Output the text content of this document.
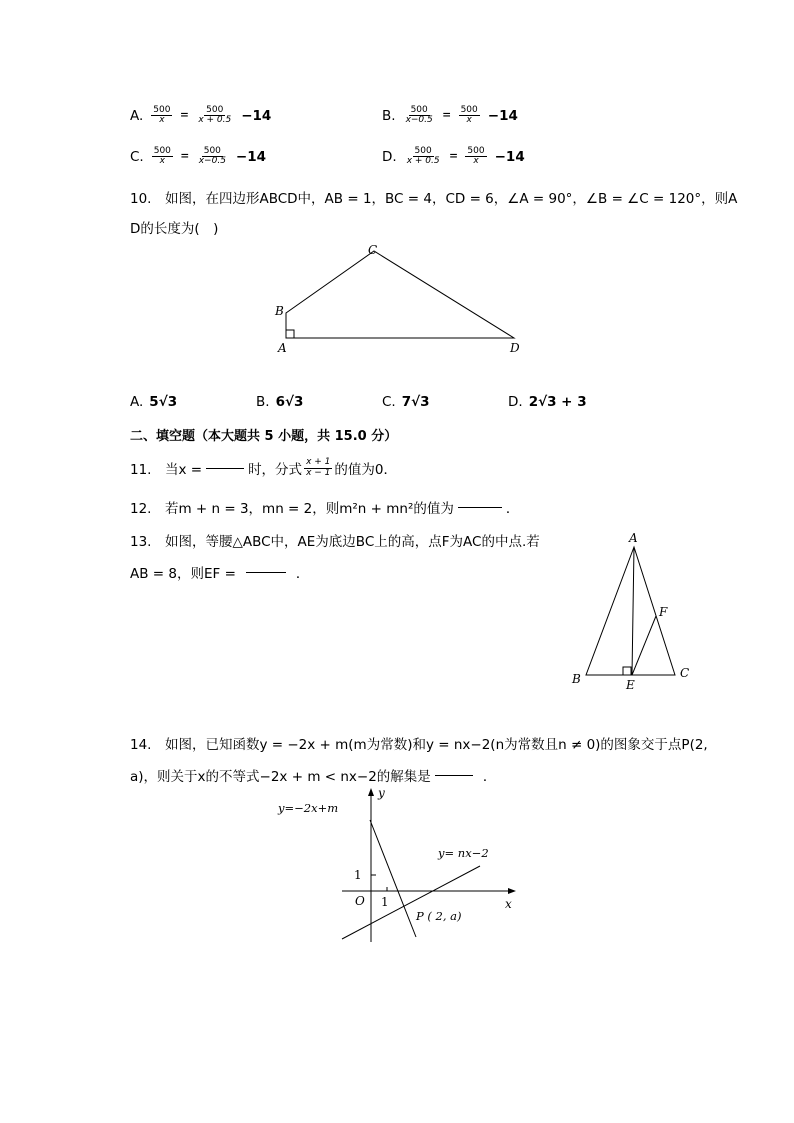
A. $\frac{500}{x} = \frac{500}{x + 0.5} -14$	B. $\frac{500}{x-0.5} = \frac{500}{x} -14$
C. $\frac{500}{x} = \frac{500}{x-0.5} -14$	D. $\frac{500}{x + 0.5} = \frac{500}{x} -14$
10.　如图，在四边形ABCD中，AB = 1，BC = 4，CD = 6，∠A = 90°，∠B = ∠C = 120°，则A
D的长度为(　)
A
B
C
D
A. 5√3	B. 6√3	C. 7√3	D. 2√3 + 3
二、填空题（本大题共 5 小题，共 15.0 分）
11.　当x =	时，分式 $\frac{x + 1}{x - 1}$ 的值为0．
12.　若m + n = 3，mn = 2，则m²n + mn²的值为	．
13.　如图，等腰△ABC中，AE为底边BC上的高，点F为AC的中点.若
AB = 8，则EF =	．
A
B	C
E
F
14.　如图，已知函数y = −2x + m(m为常数)和y = nx−2(n为常数且n ≠ 0)的图象交于点P(2,
a)，则关于x的不等式−2x + m < nx−2的解集是	．
y=−2x+m
y= nx−2
x
y
O 1
1
P ( 2, a)
